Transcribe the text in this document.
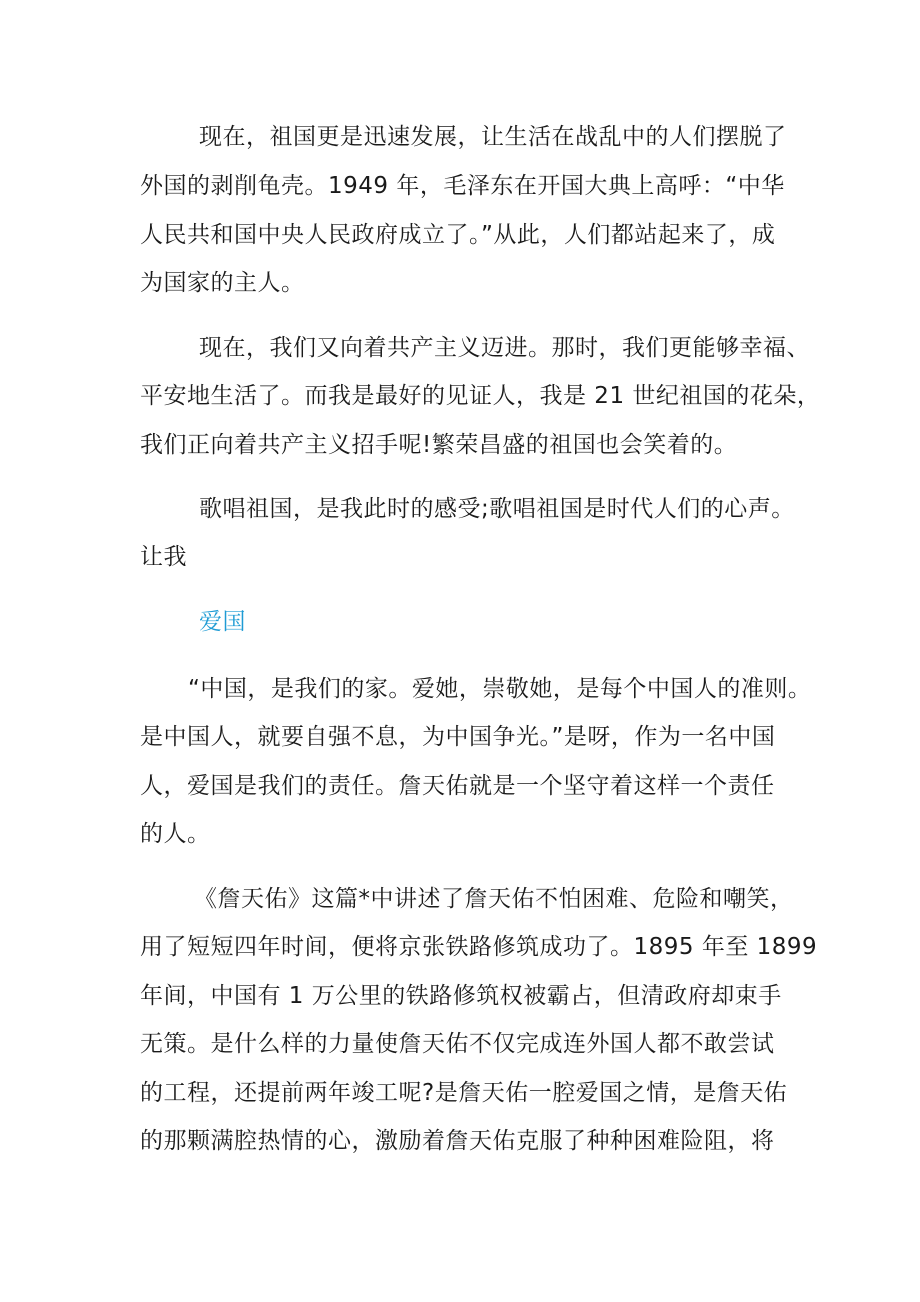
现在，祖国更是迅速发展，让生活在战乱中的人们摆脱了
外国的剥削龟壳。1949 年，毛泽东在开国大典上高呼：“中华
人民共和国中央人民政府成立了。”从此，人们都站起来了，成
为国家的主人。
现在，我们又向着共产主义迈进。那时，我们更能够幸福、
平安地生活了。而我是最好的见证人，我是 21 世纪祖国的花朵，
我们正向着共产主义招手呢!繁荣昌盛的祖国也会笑着的。
歌唱祖国，是我此时的感受;歌唱祖国是时代人们的心声。
让我
爱国
“中国，是我们的家。爱她，崇敬她，是每个中国人的准则。
是中国人，就要自强不息，为中国争光。”是呀，作为一名中国
人，爱国是我们的责任。詹天佑就是一个坚守着这样一个责任
的人。
《詹天佑》这篇*中讲述了詹天佑不怕困难、危险和嘲笑，
用了短短四年时间，便将京张铁路修筑成功了。1895 年至 1899
年间，中国有 1 万公里的铁路修筑权被霸占，但清政府却束手
无策。是什么样的力量使詹天佑不仅完成连外国人都不敢尝试
的工程，还提前两年竣工呢?是詹天佑一腔爱国之情，是詹天佑
的那颗满腔热情的心，激励着詹天佑克服了种种困难险阻，将
